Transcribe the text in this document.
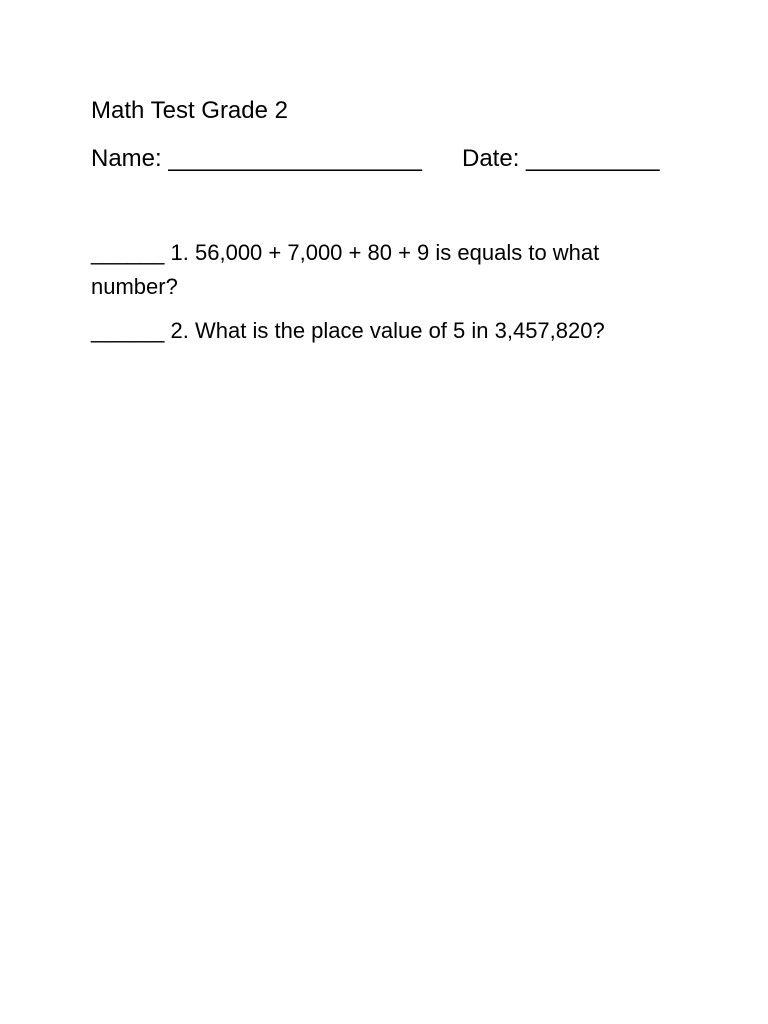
Math Test Grade 2
Name: ___________________ Date: __________
______ 1. 56,000 + 7,000 + 80 + 9 is equals to what number?
______ 2. What is the place value of 5 in 3,457,820?
